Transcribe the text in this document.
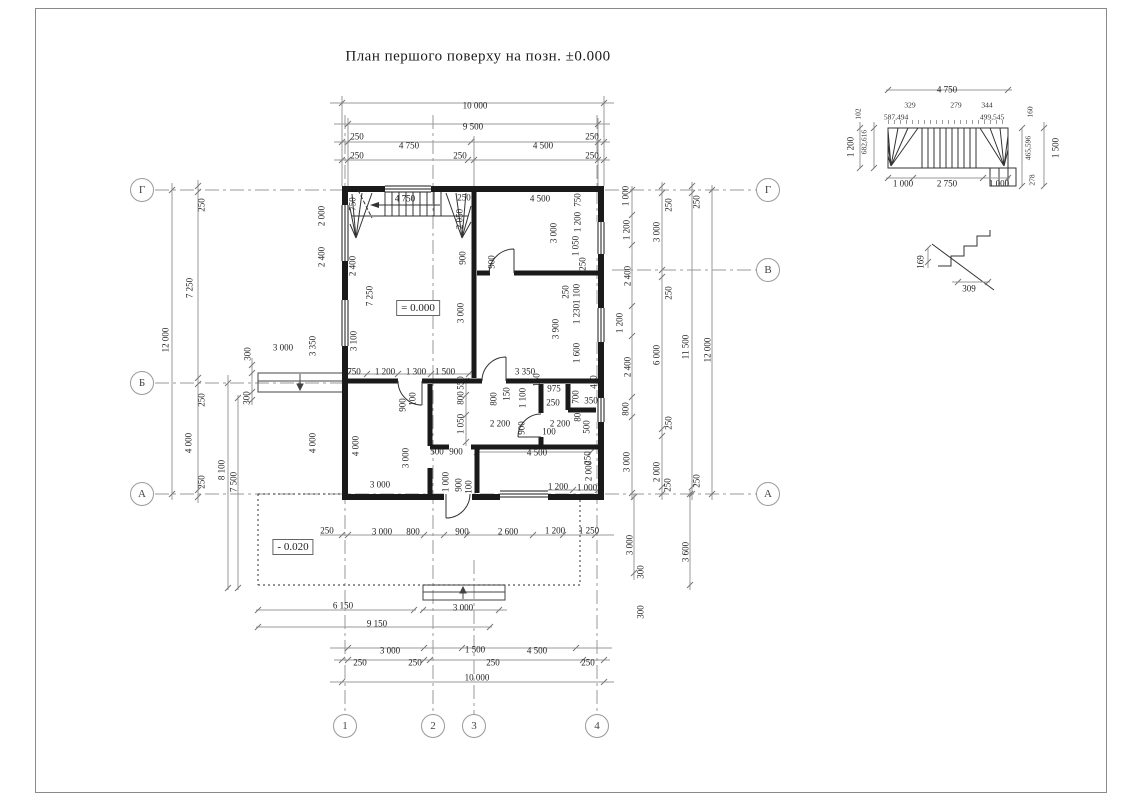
План першого поверху на позн. ±0.000
Г
Б
А
Г
В
А
1	2	3	4
10 000
9 500
250
4 750	4 500
250
250	250	250
4 750	250	4 500
750
2 050
2 000
2 400 2 400
7 250
3 100
3 000
900 900
3 000
750
1 200
1 050
250
250 1 100
1 230
1 600
3 900
3 350
150
750 1 200 1 300 1 500
550
800
1 050
3 000
300
300
3 350
4 000	4 000
900 100
3 000
3 000
500 900
1 000 900 100
2 200 900 100
2 200
1 100
150
800
975
250 700 350
410
800
500
4 500	250
2 000
1 200 1 000
250	3 000 800	900	2 600	1 200 1 250
6 150	3 000
9 150
3 000	1 500	4 500
250	250	250	250
10 000
12 000
250
7 250
250
4 000
250
8 100
7 500
1 000
1 200
2 400
1 200
2 400
800
3 000
250
3 000
250
6 000
250
2 000
250
250
11 500
250
12 000
3 000	3 600
300
300
4 750
329	279	344
587,494	499,545
102
1 200 682,616
160
465,596 1 500
278
1 000	2 750	1 000
169
309
= 0.000
- 0.020
